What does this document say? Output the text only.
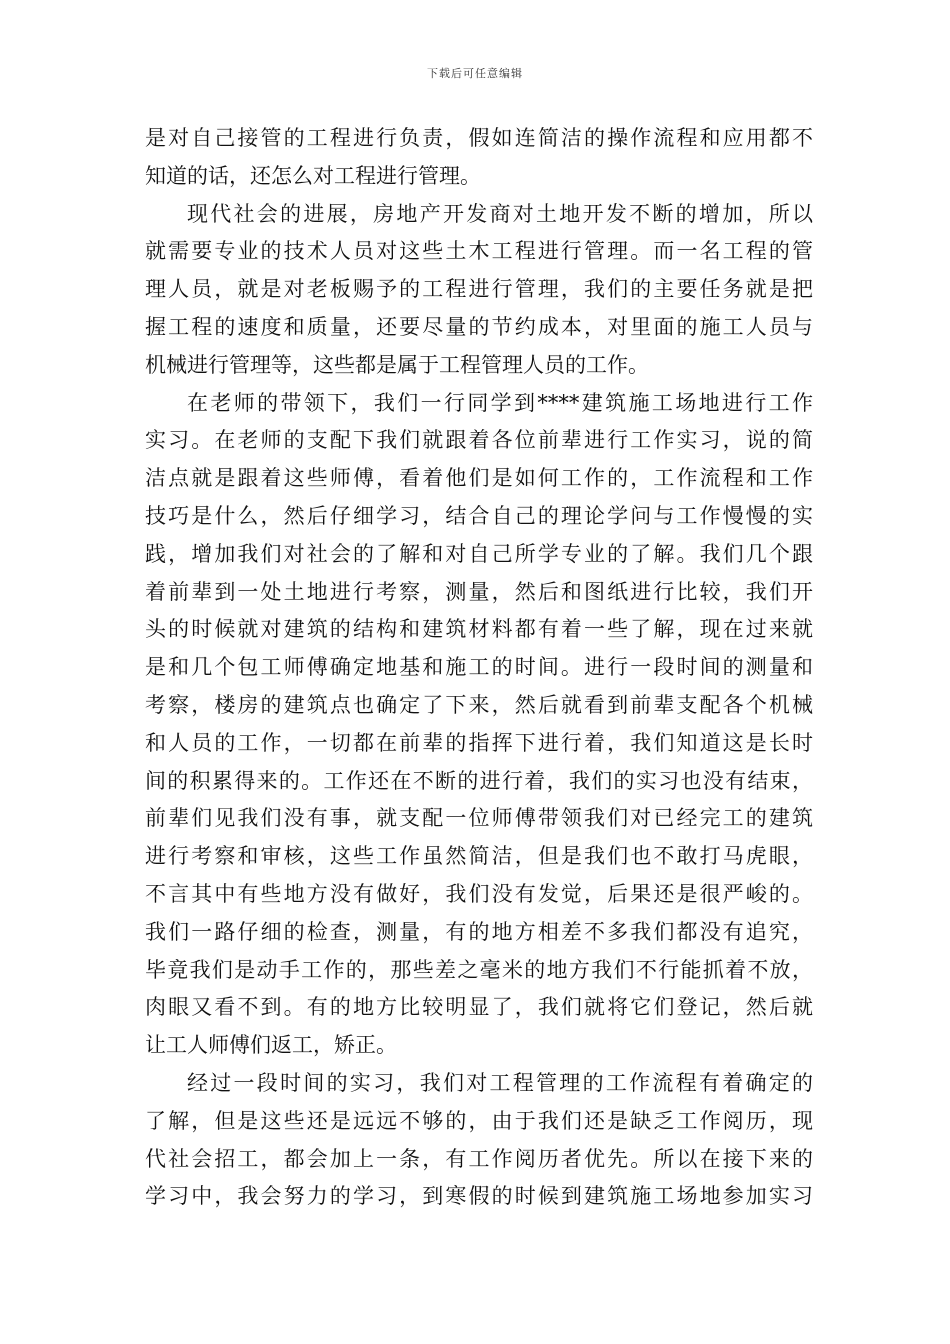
下载后可任意编辑
是对自己接管的工程进行负责，假如连简洁的操作流程和应用都不
知道的话，还怎么对工程进行管理。
现代社会的进展，房地产开发商对土地开发不断的增加，所以
就需要专业的技术人员对这些土木工程进行管理。而一名工程的管
理人员，就是对老板赐予的工程进行管理，我们的主要任务就是把
握工程的速度和质量，还要尽量的节约成本，对里面的施工人员与
机械进行管理等，这些都是属于工程管理人员的工作。
在老师的带领下，我们一行同学到****建筑施工场地进行工作
实习。在老师的支配下我们就跟着各位前辈进行工作实习，说的简
洁点就是跟着这些师傅，看着他们是如何工作的，工作流程和工作
技巧是什么，然后仔细学习，结合自己的理论学问与工作慢慢的实
践，增加我们对社会的了解和对自己所学专业的了解。我们几个跟
着前辈到一处土地进行考察，测量，然后和图纸进行比较，我们开
头的时候就对建筑的结构和建筑材料都有着一些了解，现在过来就
是和几个包工师傅确定地基和施工的时间。进行一段时间的测量和
考察，楼房的建筑点也确定了下来，然后就看到前辈支配各个机械
和人员的工作，一切都在前辈的指挥下进行着，我们知道这是长时
间的积累得来的。工作还在不断的进行着，我们的实习也没有结束，
前辈们见我们没有事，就支配一位师傅带领我们对已经完工的建筑
进行考察和审核，这些工作虽然简洁，但是我们也不敢打马虎眼，
不言其中有些地方没有做好，我们没有发觉，后果还是很严峻的。
我们一路仔细的检查，测量，有的地方相差不多我们都没有追究，
毕竟我们是动手工作的，那些差之毫米的地方我们不行能抓着不放，
肉眼又看不到。有的地方比较明显了，我们就将它们登记，然后就
让工人师傅们返工，矫正。
经过一段时间的实习，我们对工程管理的工作流程有着确定的
了解，但是这些还是远远不够的，由于我们还是缺乏工作阅历，现
代社会招工，都会加上一条，有工作阅历者优先。所以在接下来的
学习中，我会努力的学习，到寒假的时候到建筑施工场地参加实习
